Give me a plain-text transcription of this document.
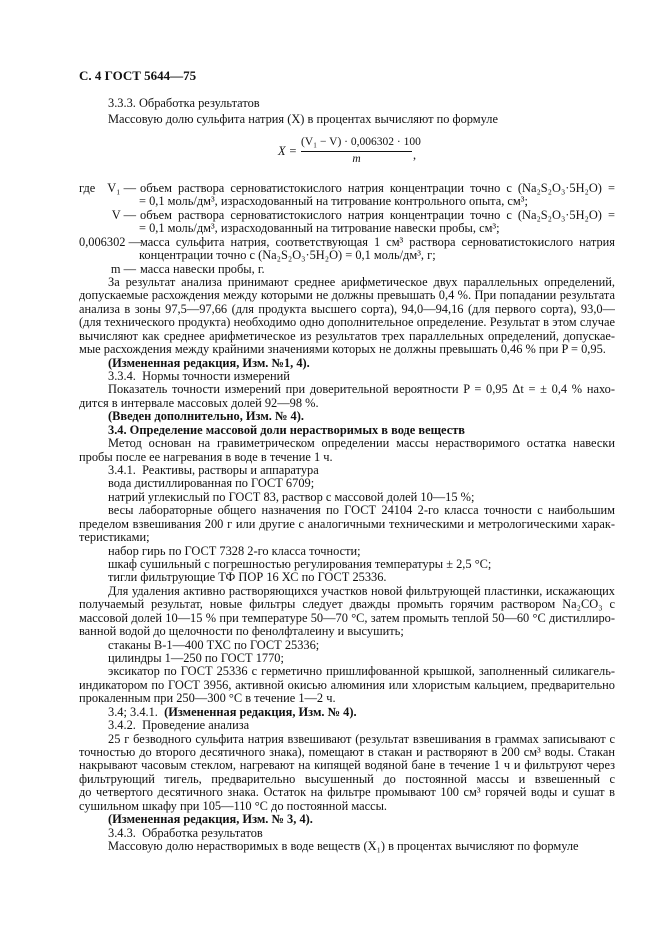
С. 4 ГОСТ 5644—75
3.3.3. Обработка результатов
Массовую долю сульфита натрия (X) в процентах вычисляют по формуле
X =
(V₁ − V) · 0,006302 · 100
m	,
где V₁ — объем раствора серноватистокислого натрия концентрации точно c (Na₂S₂O₃·5H₂O) =
= 0,1 моль/дм³, израсходованный на титрование контрольного опыта, см³;
V — объем раствора серноватистокислого натрия концентрации точно c (Na₂S₂O₃·5H₂O) =
= 0,1 моль/дм³, израсходованный на титрование навески пробы, см³;
0,006302 — масса сульфита натрия, соответствующая 1 см³ раствора серноватистокислого натрия
концентрации точно c (Na₂S₂O₃·5H₂O) = 0,1 моль/дм³, г;
m — масса навески пробы, г.
За результат анализа принимают среднее арифметическое двух параллельных определений,
допускаемые расхождения между которыми не должны превышать 0,4 %. При попадании результата
анализа в зоны 97,5—97,66 (для продукта высшего сорта), 94,0—94,16 (для первого сорта), 93,0—
(для технического продукта) необходимо одно дополнительное определение. Результат в этом случае
вычисляют как среднее арифметическое из результатов трех параллельных определений, допускае-
мые расхождения между крайними значениями которых не должны превышать 0,46 % при P = 0,95.
(Измененная редакция, Изм. №1, 4).
3.3.4.  Нормы точности измерений
Показатель точности измерений при доверительной вероятности P = 0,95 Δt = ± 0,4 % нахо-
дится в интервале массовых долей 92—98 %.
(Введен дополнительно, Изм. № 4).
3.4. Определение массовой доли нерастворимых в воде веществ
Метод основан на гравиметрическом определении массы нерастворимого остатка навески
пробы после ее нагревания в воде в течение 1 ч.
3.4.1.  Реактивы, растворы и аппаратура
вода дистиллированная по ГОСТ 6709;
натрий углекислый по ГОСТ 83, раствор с массовой долей 10—15 %;
весы лабораторные общего назначения по ГОСТ 24104 2-го класса точности с наибольшим
пределом взвешивания 200 г или другие с аналогичными техническими и метрологическими харак-
теристиками;
набор гирь по ГОСТ 7328 2-го класса точности;
шкаф сушильный с погрешностью регулирования температуры ± 2,5 °С;
тигли фильтрующие ТФ ПОР 16 ХС по ГОСТ 25336.
Для удаления активно растворяющихся участков новой фильтрующей пластинки, искажающих
получаемый результат, новые фильтры следует дважды промыть горячим раствором Na₂CO₃ с
массовой долей 10—15 % при температуре 50—70 °С, затем промыть теплой 50—60 °С дистиллиро-
ванной водой до щелочности по фенолфталеину и высушить;
стаканы В-1—400 ТХС по ГОСТ 25336;
цилиндры 1—250 по ГОСТ 1770;
эксикатор по ГОСТ 25336 с герметично пришлифованной крышкой, заполненный силикагель-
индикатором по ГОСТ 3956, активной окисью алюминия или хлористым кальцием, предварительно
прокаленным при 250—300 °С в течение 1—2 ч.
3.4; 3.4.1.  (Измененная редакция, Изм. № 4).
3.4.2.  Проведение анализа
25 г безводного сульфита натрия взвешивают (результат взвешивания в граммах записывают с
точностью до второго десятичного знака), помещают в стакан и растворяют в 200 см³ воды. Стакан
накрывают часовым стеклом, нагревают на кипящей водяной бане в течение 1 ч и фильтруют через
фильтрующий тигель, предварительно высушенный до постоянной массы и взвешенный с
до четвертого десятичного знака. Остаток на фильтре промывают 100 см³ горячей воды и сушат в
сушильном шкафу при 105—110 °С до постоянной массы.
(Измененная редакция, Изм. № 3, 4).
3.4.3.  Обработка результатов
Массовую долю нерастворимых в воде веществ (X₁) в процентах вычисляют по формуле
